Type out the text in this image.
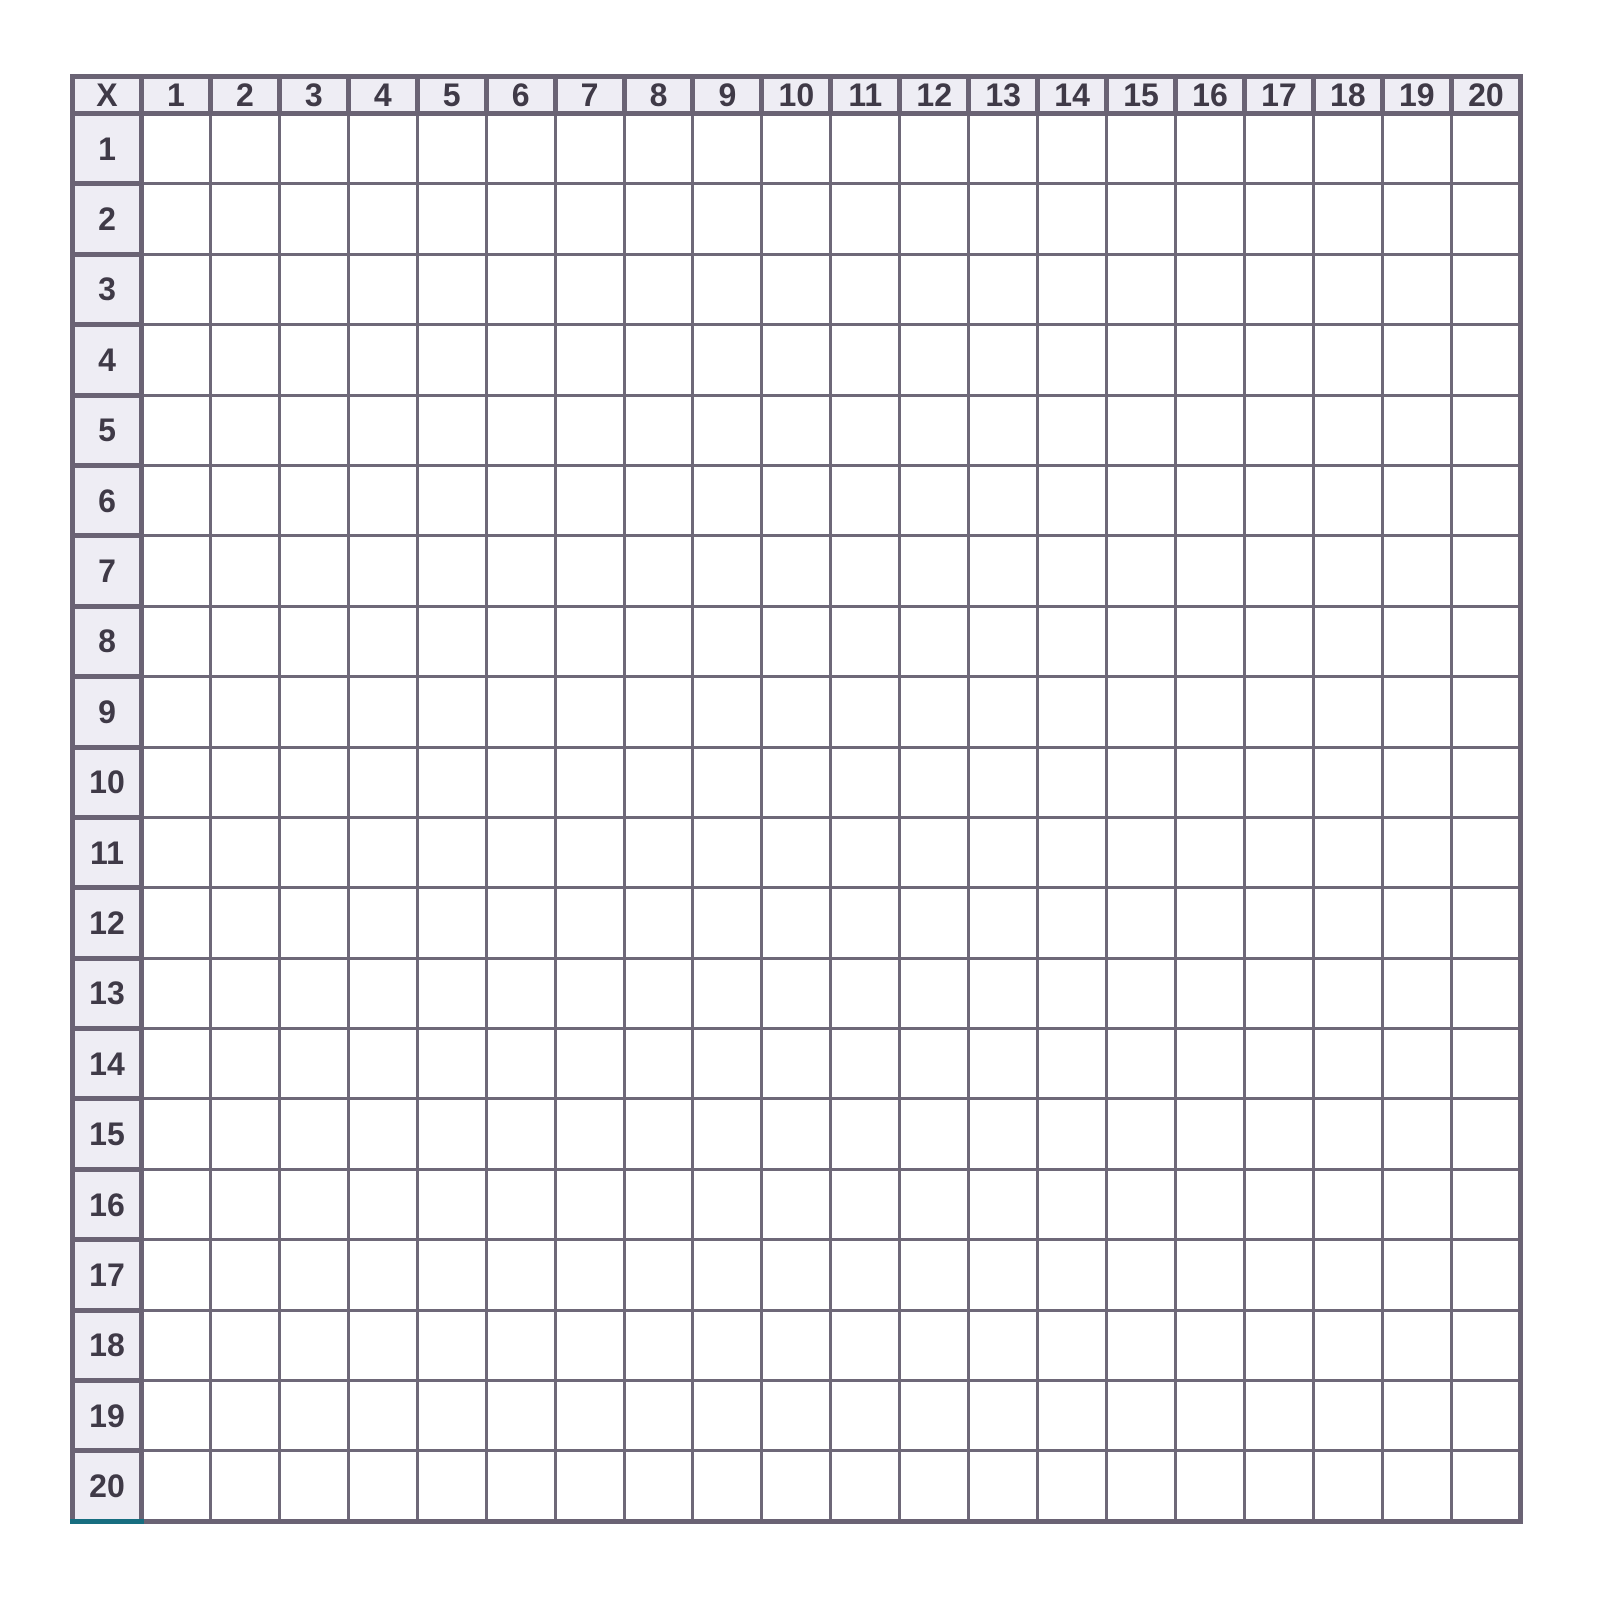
X	1	2	3	4	5	6	7	8	9	10	11	12	13	14	15	16	17	18	19	20
1																				
2																				
3																				
4																				
5																				
6																				
7																				
8																				
9																				
10																				
11																				
12																				
13																				
14																				
15																				
16																				
17																				
18																				
19																				
20																				
